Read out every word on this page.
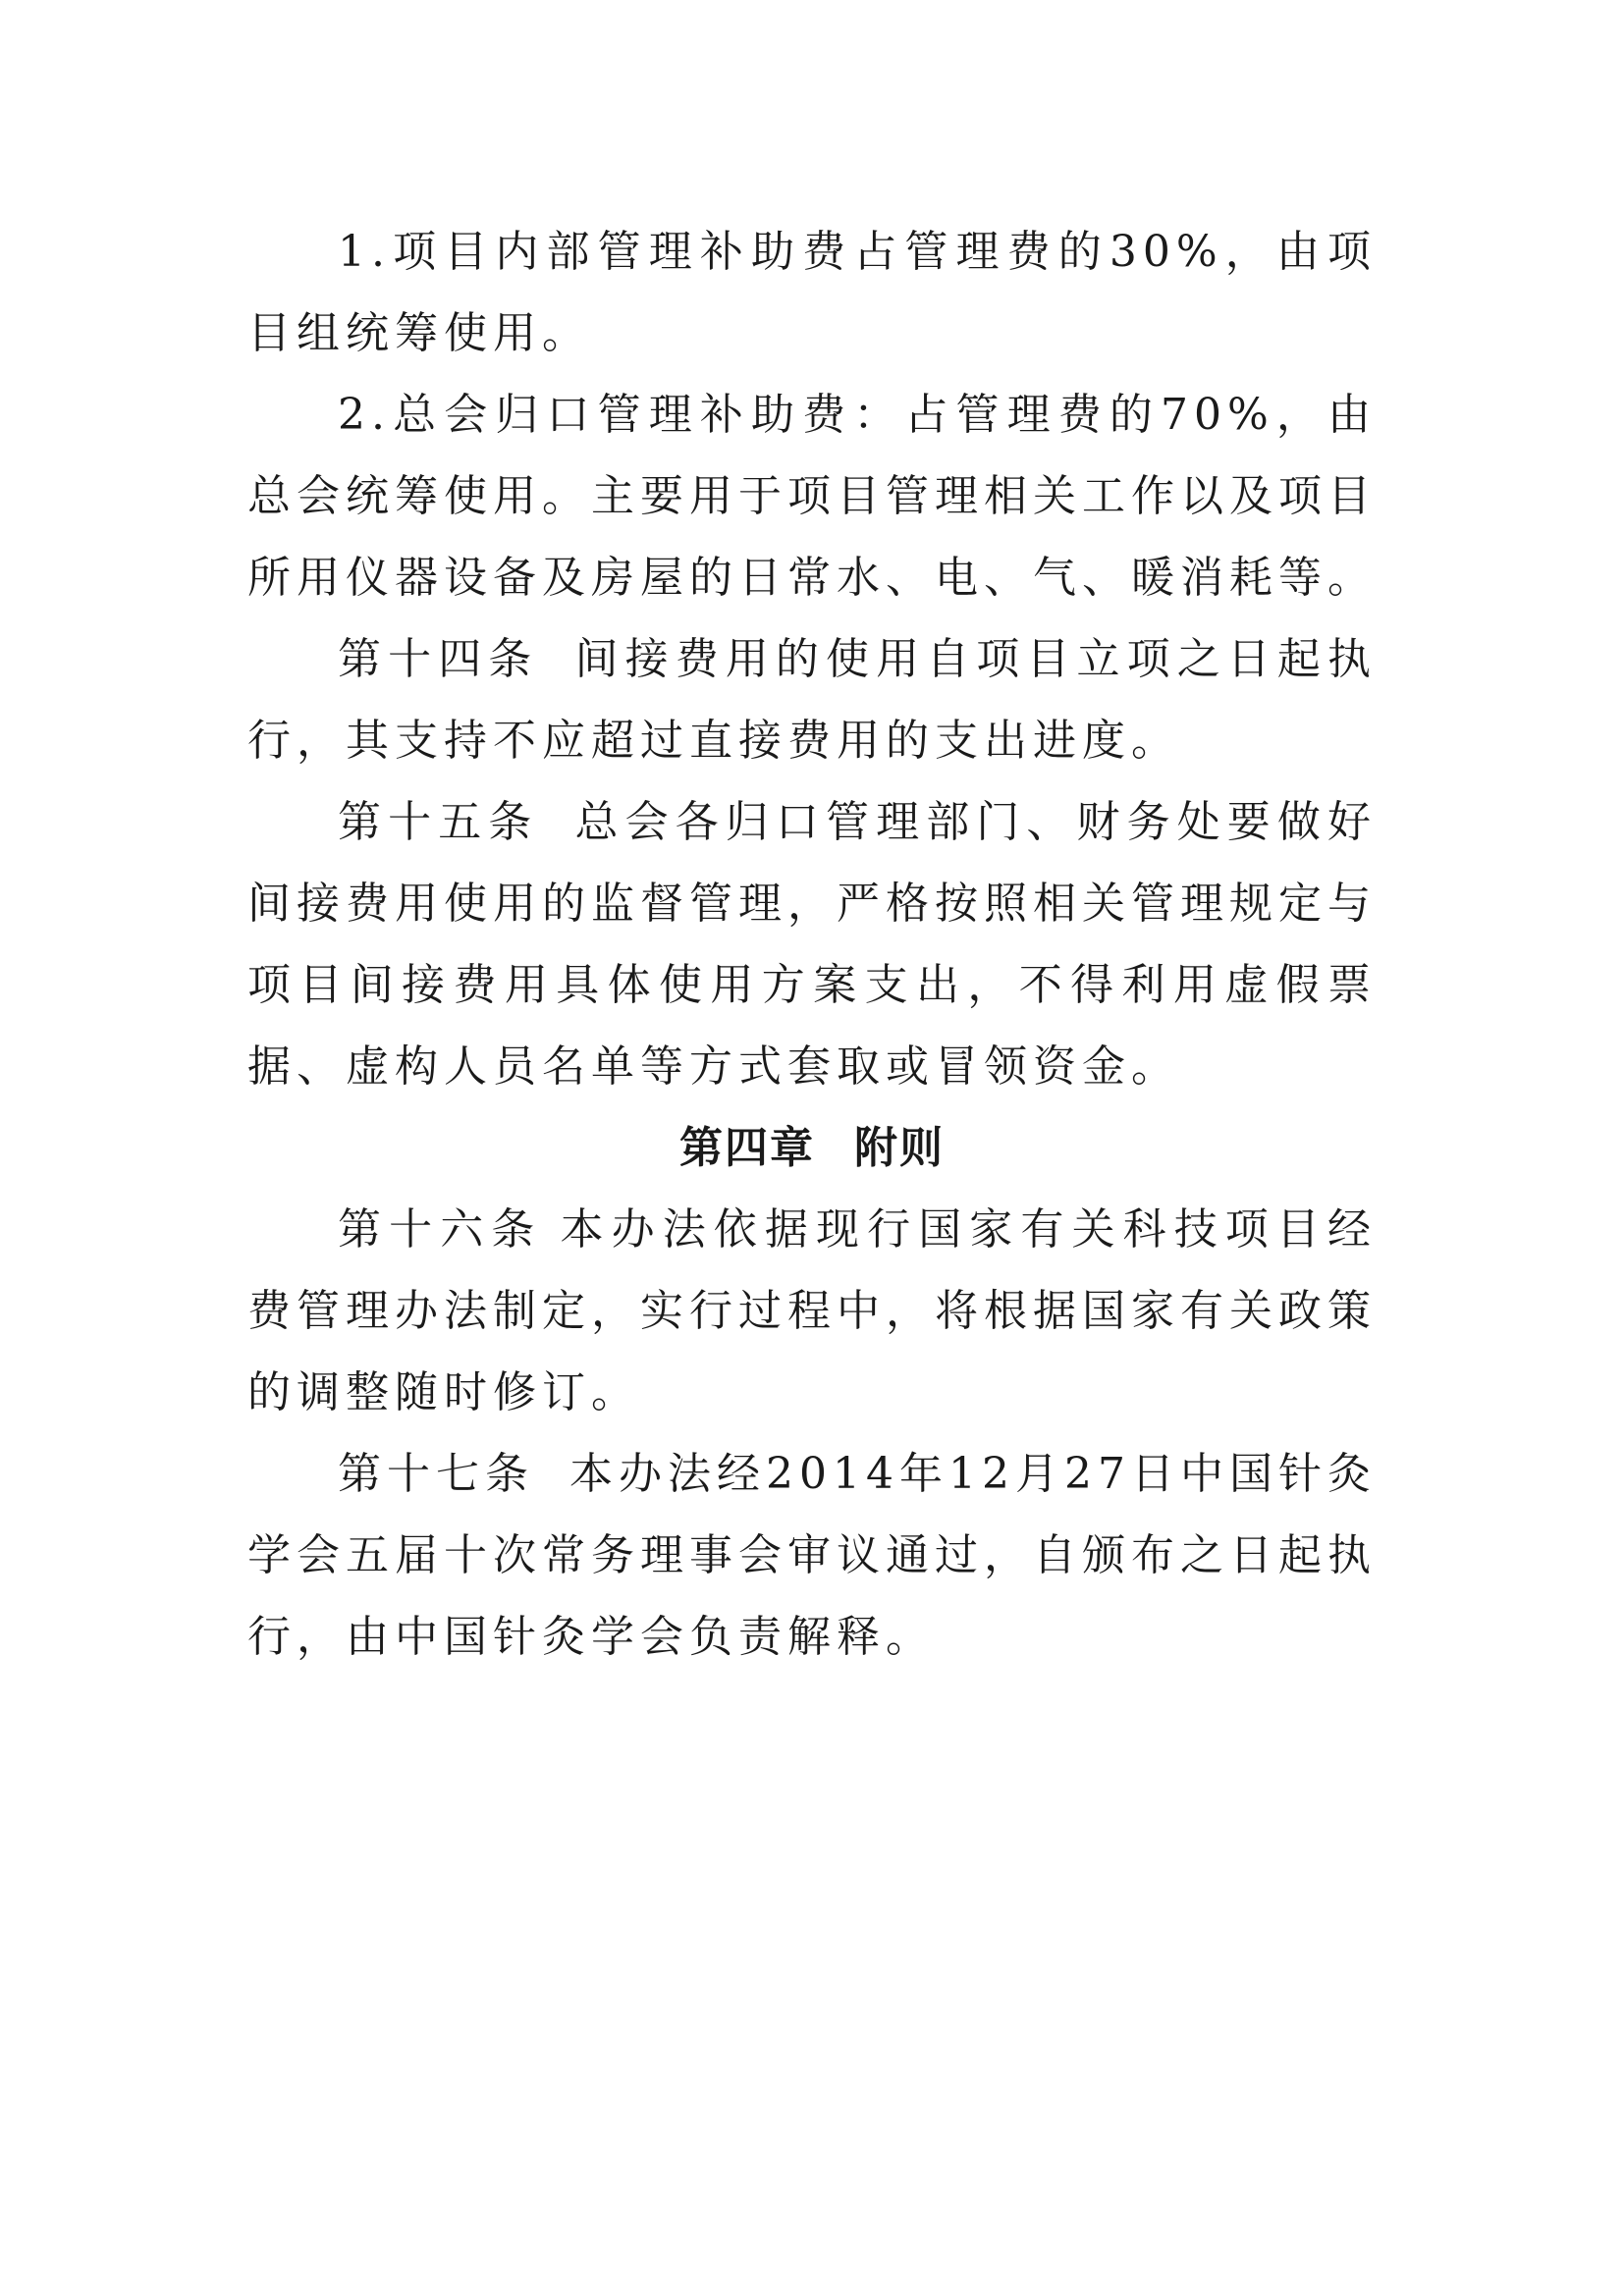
1.项目内部管理补助费占管理费的30%，由项目组统筹使用。

2.总会归口管理补助费：占管理费的70%，由总会统筹使用。主要用于项目管理相关工作以及项目所用仪器设备及房屋的日常水、电、气、暖消耗等。

第十四条 间接费用的使用自项目立项之日起执行，其支持不应超过直接费用的支出进度。

第十五条 总会各归口管理部门、财务处要做好间接费用使用的监督管理，严格按照相关管理规定与项目间接费用具体使用方案支出，不得利用虚假票据、虚构人员名单等方式套取或冒领资金。

第四章 附则

第十六条 本办法依据现行国家有关科技项目经费管理办法制定，实行过程中，将根据国家有关政策的调整随时修订。

第十七条 本办法经2014年12月27日中国针灸学会五届十次常务理事会审议通过，自颁布之日起执行，由中国针灸学会负责解释。
